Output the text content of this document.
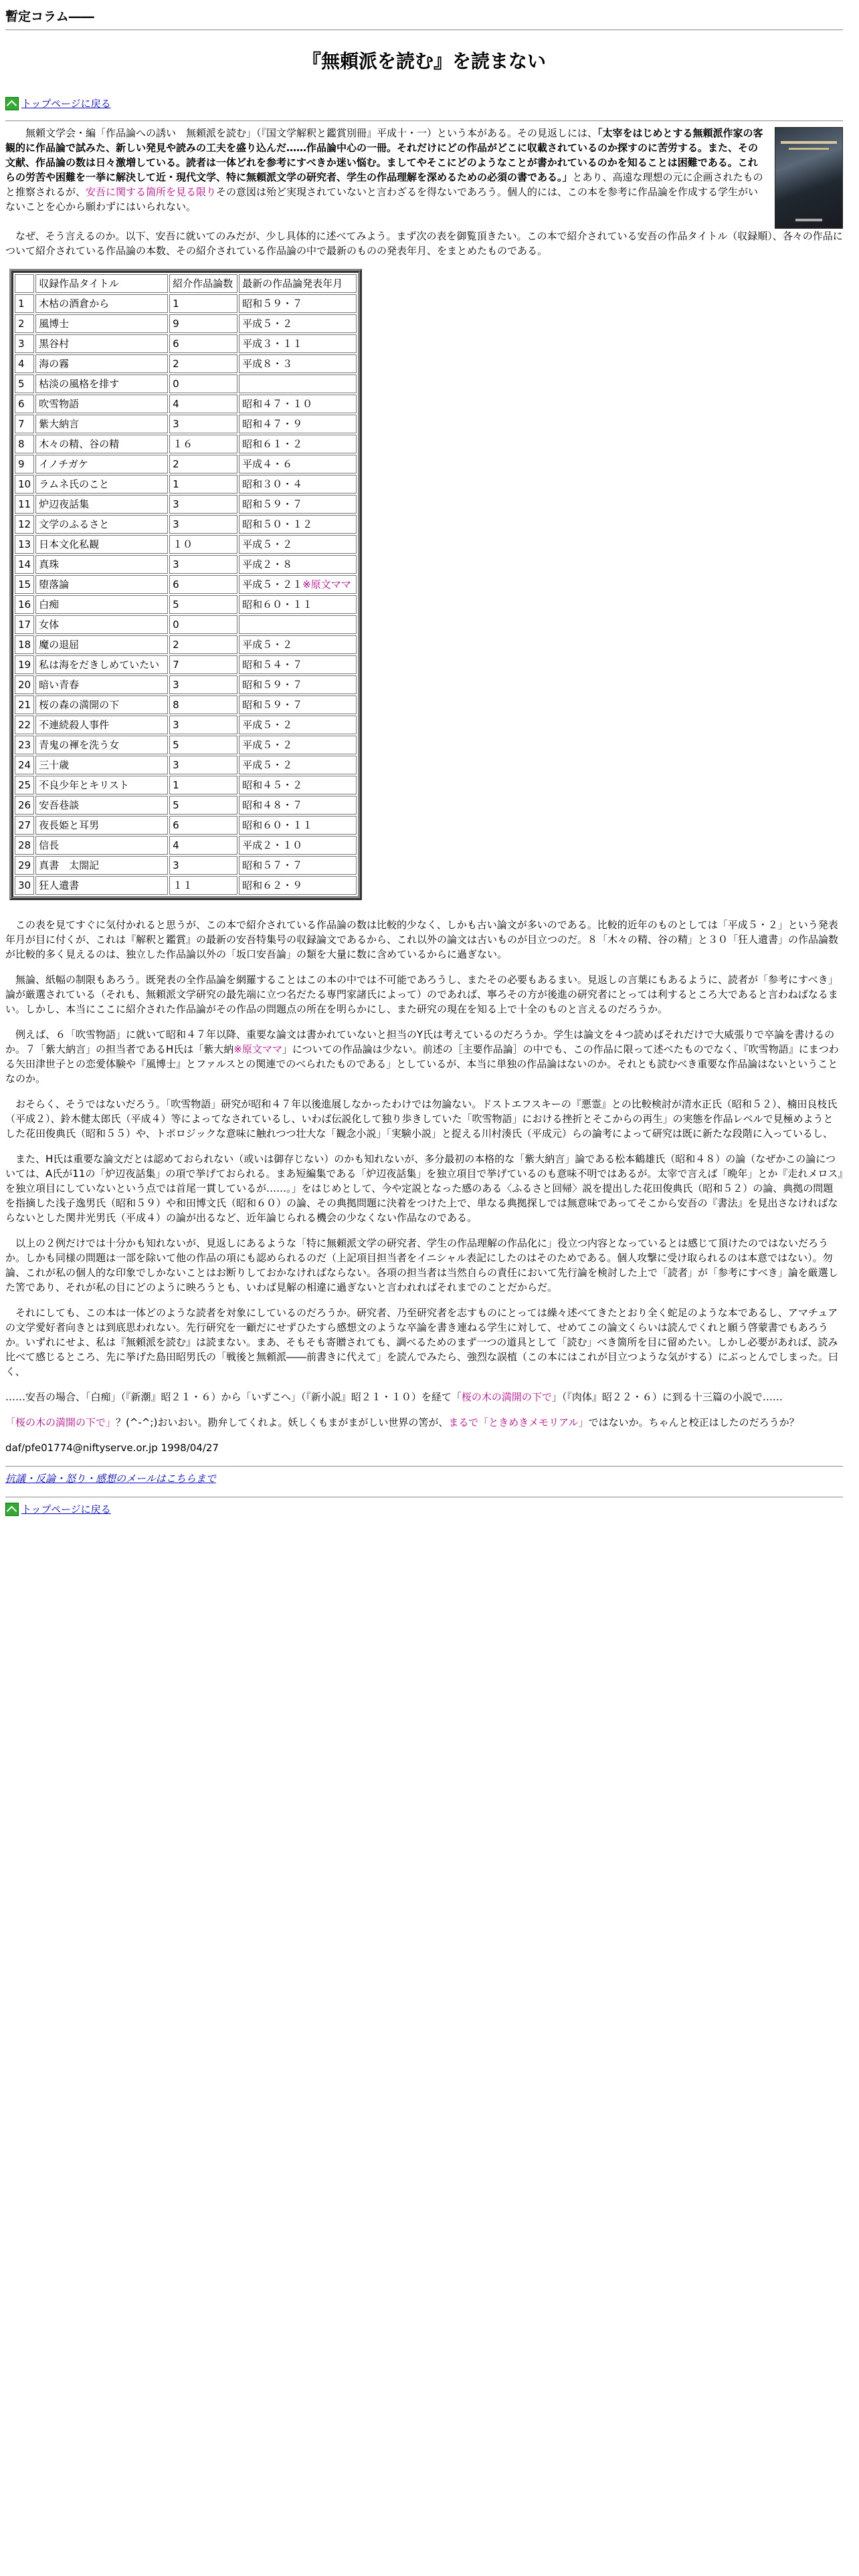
暫定コラム――

『無頼派を読む』を読まない
トップページに戻る

　無頼文学会・編「作品論への誘い　無頼派を読む」（『国文学解釈と鑑賞別冊』平成十・一）という本がある。その見返しには、「太宰をはじめとする無頼派作家の客観的に作品論で試みた、新しい発見や読みの工夫を盛り込んだ……作品論中心の一冊。それだけにどの作品がどこに収載されているのか探すのに苦労する。また、その文献、作品論の数は日々激増している。読者は一体どれを参考にすべきか迷い悩む。ましてやそこにどのようなことが書かれているのかを知ることは困難である。これらの労苦や困難を一挙に解決して近・現代文学、特に無頼派文学の研究者、学生の作品理解を深めるための必須の書である。」とあり、高遠な理想の元に企画されたものと推察されるが、安吾に関する箇所を見る限りその意図は殆ど実現されていないと言わざるを得ないであろう。個人的には、この本を参考に作品論を作成する学生がいないことを心から願わずにはいられない。

　なぜ、そう言えるのか。以下、安吾に就いてのみだが、少し具体的に述べてみよう。まず次の表を御覧頂きたい。この本で紹介されている安吾の作品タイトル（収録順）、各々の作品について紹介されている作品論の本数、その紹介されている作品論の中で最新のものの発表年月、をまとめたものである。

	収録作品タイトル	紹介作品論数	最新の作品論発表年月
1	木枯の酒倉から	1	昭和５９・７
2	風博士	9	平成５・２
3	黒谷村	6	平成３・１１
4	海の霧	2	平成８・３
5	枯淡の風格を排す	0	
6	吹雪物語	4	昭和４７・１０
7	紫大納言	3	昭和４７・９
8	木々の精、谷の精	１６	昭和６１・２
9	イノチガケ	2	平成４・６
10	ラムネ氏のこと	1	昭和３０・４
11	炉辺夜話集	3	昭和５９・７
12	文学のふるさと	3	昭和５０・１２
13	日本文化私観	１０	平成５・２
14	真珠	3	平成２・８
15	堕落論	6	平成５・２１※原文ママ
16	白痴	5	昭和６０・１１
17	女体	0	
18	魔の退屈	2	平成５・２
19	私は海をだきしめていたい	7	昭和５４・７
20	暗い青春	3	昭和５９・７
21	桜の森の満開の下	8	昭和５９・７
22	不連続殺人事件	3	平成５・２
23	青鬼の褌を洗う女	5	平成５・２
24	三十歳	3	平成５・２
25	不良少年とキリスト	1	昭和４５・２
26	安吾巷談	5	昭和４８・７
27	夜長姫と耳男	6	昭和６０・１１
28	信長	4	平成２・１０
29	真書　太閤記	3	昭和５７・７
30	狂人遺書	１１	昭和６２・９

　この表を見てすぐに気付かれると思うが、この本で紹介されている作品論の数は比較的少なく、しかも古い論文が多いのである。比較的近年のものとしては「平成５・２」という発表年月が目に付くが、これは『解釈と鑑賞』の最新の安吾特集号の収録論文であるから、これ以外の論文は古いものが目立つのだ。８「木々の精、谷の精」と３０「狂人遺書」の作品論数が比較的多く見えるのは、独立した作品論以外の「坂口安吾論」の類を大量に数に含めているからに過ぎない。

　無論、紙幅の制限もあろう。既発表の全作品論を網羅することはこの本の中では不可能であろうし、またその必要もあるまい。見返しの言葉にもあるように、読者が「参考にすべき」論が厳選されている（それも、無頼派文学研究の最先端に立つ名だたる専門家諸氏によって）のであれば、寧ろその方が後進の研究者にとっては利するところ大であると言わねばなるまい。しかし、本当にここに紹介された作品論がその作品の問題点の所在を明らかにし、また研究の現在を知る上で十全のものと言えるのだろうか。

　例えば、６「吹雪物語」に就いて昭和４７年以降、重要な論文は書かれていないと担当のY氏は考えているのだろうか。学生は論文を４つ読めばそれだけで大威張りで卒論を書けるのか。７「紫大納言」の担当者であるH氏は「紫大納※原文ママ」についての作品論は少ない。前述の［主要作品論］の中でも、この作品に限って述べたものでなく、『吹雪物語』にまつわる矢田津世子との恋愛体験や『風博士』とファルスとの関連でのべられたものである」としているが、本当に単独の作品論はないのか。それとも読むべき重要な作品論はないということなのか。

　おそらく、そうではないだろう。「吹雪物語」研究が昭和４７年以後進展しなかったわけでは勿論ない。ドストエフスキーの『悪霊』との比較検討が清水正氏（昭和５２）、楠田良枝氏（平成２）、鈴木健太郎氏（平成４）等によってなされているし、いわば伝説化して独り歩きしていた「吹雪物語」における挫折とそこからの再生」の実態を作品レベルで見極めようとした花田俊典氏（昭和５５）や、トポロジックな意味に触れつつ壮大な「観念小説」「実験小説」と捉える川村湊氏（平成元）らの論考によって研究は既に新たな段階に入っているし、

　また、H氏は重要な論文だとは認めておられない（或いは御存じない）のかも知れないが、多分最初の本格的な「紫大納言」論である松本鶴雄氏（昭和４８）の論（なぜかこの論については、A氏が11の「炉辺夜話集」の項で挙げておられる。まあ短編集である「炉辺夜話集」を独立項目で挙げているのも意味不明ではあるが。太宰で言えば「晩年」とか『走れメロス』を独立項目にしていないという点では首尾一貫しているが……。」をはじめとして、今や定説となった感のある〈ふるさと回帰〉説を提出した花田俊典氏（昭和５２）の論、典拠の問題を指摘した浅子逸男氏（昭和５９）や和田博文氏（昭和６０）の論、その典拠問題に決着をつけた上で、単なる典拠探しでは無意味であってそこから安吾の『書法』を見出さなければならないとした関井光男氏（平成４）の論が出るなど、近年論じられる機会の少なくない作品なのである。

　以上の２例だけでは十分かも知れないが、見返しにあるような「特に無頼派文学の研究者、学生の作品理解の作品化に」役立つ内容となっているとは感じて頂けたのではないだろうか。しかも同様の問題は一部を除いて他の作品の項にも認められるのだ（上記項目担当者をイニシャル表記にしたのはそのためである。個人攻撃に受け取られるのは本意ではない）。勿論、これが私の個人的な印象でしかないことはお断りしておかなければならない。各項の担当者は当然自らの責任において先行論を検討した上で「読者」が「参考にすべき」論を厳選した筈であり、それが私の目にどのように映ろうとも、いわば見解の相違に過ぎないと言われればそれまでのことだからだ。

　それにしても、この本は一体どのような読者を対象にしているのだろうか。研究者、乃至研究者を志すものにとっては繰々述べてきたとおり全く蛇足のような本であるし、アマチュアの文学愛好者向きとは到底思われない。先行研究を一顧だにせずひたすら感想文のような卒論を書き連ねる学生に対して、せめてこの論文くらいは読んでくれと願う啓蒙書でもあろうか。いずれにせよ、私は『無頼派を読む』は読まない。まあ、そもそも寄贈されても、調べるためのまず一つの道具として「読む」べき箇所を目に留めたい。しかし必要があれば、読み比べて感じるところ、先に挙げた島田昭男氏の「戦後と無頼派――前書きに代えて」を読んでみたら、強烈な誤植（この本にはこれが目立つような気がする）にぶっとんでしまった。曰く、

……安吾の場合、「白痴」（『新潮』昭２１・６）から「いずこへ」（『新小説』昭２１・１０）を経て「桜の木の満開の下で」（『肉体』昭２２・６）に到る十三篇の小説で……

「桜の木の満開の下で」？(^-^;)おいおい。勘弁してくれよ。妖しくもまがまがしい世界の筈が、まるで「ときめきメモリアル」ではないか。ちゃんと校正はしたのだろうか？

daf/pfe01774@niftyserve.or.jp 1998/04/27

抗議・反論・怒り・感想のメールはこちらまで

トップページに戻る
